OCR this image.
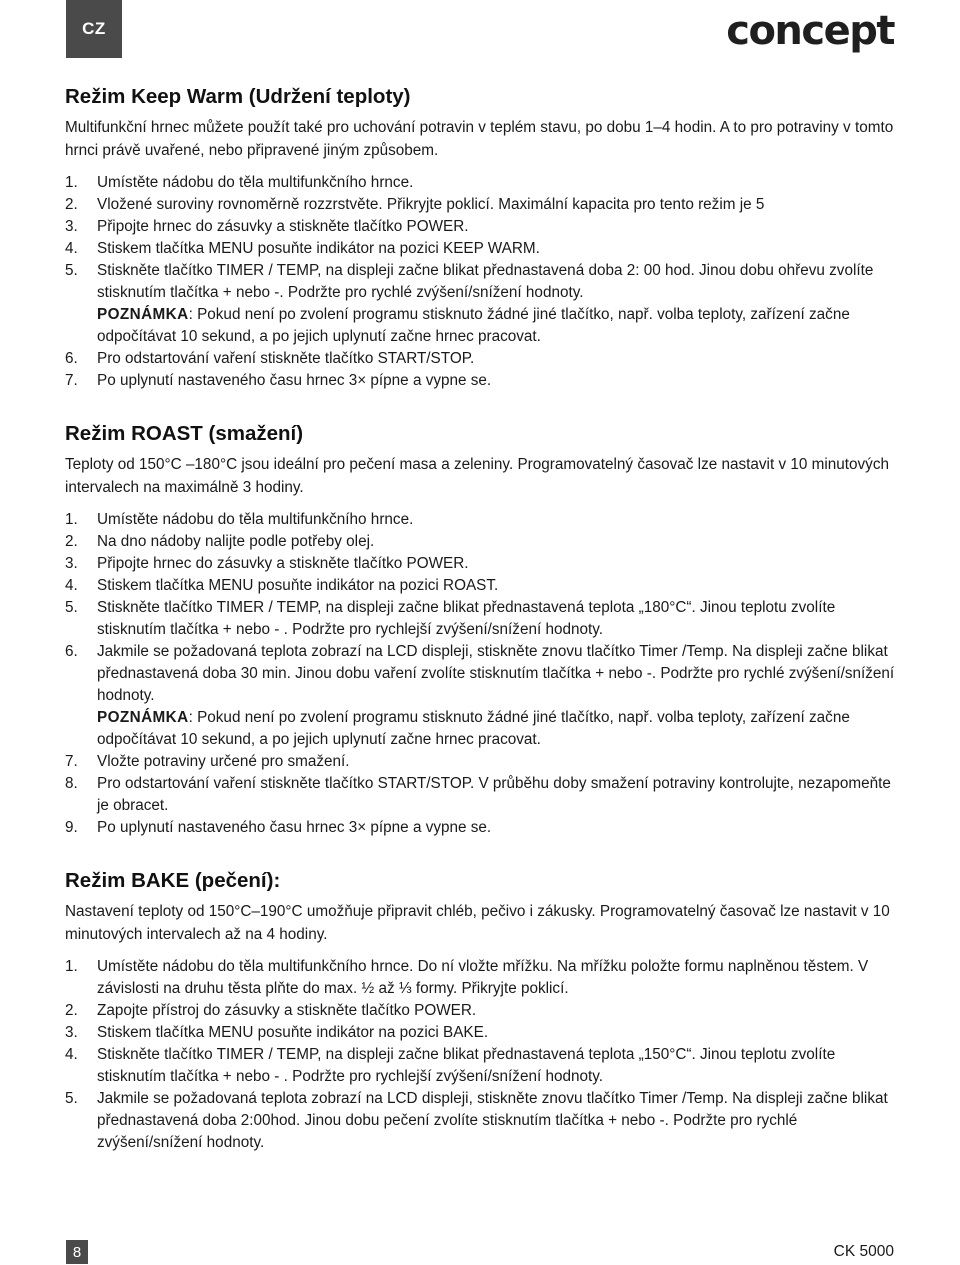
CZ	concept
Režim Keep Warm (Udržení teploty)

Multifunkční hrnec můžete použít také pro uchování potravin v teplém stavu, po dobu 1–4 hodin. A to pro potraviny v tomto hrnci právě uvařené, nebo připravené jiným způsobem.

1. Umístěte nádobu do těla multifunkčního hrnce.
2. Vložené suroviny rovnoměrně rozzrstvěte. Přikryjte poklicí. Maximální kapacita pro tento režim je 5
3. Připojte hrnec do zásuvky a stiskněte tlačítko POWER.
4. Stiskem tlačítka MENU posuňte indikátor na pozici KEEP WARM.
5. Stiskněte tlačítko TIMER / TEMP, na displeji začne blikat přednastavená doba 2: 00 hod. Jinou dobu ohřevu zvolíte stisknutím tlačítka + nebo -. Podržte pro rychlé zvýšení/snížení hodnoty.
POZNÁMKA: Pokud není po zvolení programu stisknuto žádné jiné tlačítko, např. volba teploty, zařízení začne odpočítávat 10 sekund, a po jejich uplynutí začne hrnec pracovat.
6. Pro odstartování vaření stiskněte tlačítko START/STOP.
7. Po uplynutí nastaveného času hrnec 3× pípne a vypne se.
Režim ROAST (smažení)

Teploty od 150°C –180°C jsou ideální pro pečení masa a zeleniny. Programovatelný časovač lze nastavit v 10 minutových intervalech na maximálně 3 hodiny.

1. Umístěte nádobu do těla multifunkčního hrnce.
2. Na dno nádoby nalijte podle potřeby olej.
3. Připojte hrnec do zásuvky a stiskněte tlačítko POWER.
4. Stiskem tlačítka MENU posuňte indikátor na pozici ROAST.
5. Stiskněte tlačítko TIMER / TEMP, na displeji začne blikat přednastavená teplota „180°C“. Jinou teplotu zvolíte stisknutím tlačítka + nebo - . Podržte pro rychlejší zvýšení/snížení hodnoty.
6. Jakmile se požadovaná teplota zobrazí na LCD displeji, stiskněte znovu tlačítko Timer /Temp. Na displeji začne blikat přednastavená doba 30 min. Jinou dobu vaření zvolíte stisknutím tlačítka + nebo -. Podržte pro rychlé zvýšení/snížení hodnoty.
POZNÁMKA: Pokud není po zvolení programu stisknuto žádné jiné tlačítko, např. volba teploty, zařízení začne odpočítávat 10 sekund, a po jejich uplynutí začne hrnec pracovat.
7. Vložte potraviny určené pro smažení.
8. Pro odstartování vaření stiskněte tlačítko START/STOP. V průběhu doby smažení potraviny kontrolujte, nezapomeňte je obracet.
9. Po uplynutí nastaveného času hrnec 3× pípne a vypne se.
Režim BAKE (pečení):

Nastavení teploty od 150°C–190°C umožňuje připravit chléb, pečivo i zákusky. Programovatelný časovač lze nastavit v 10 minutových intervalech až na 4 hodiny.

1. Umístěte nádobu do těla multifunkčního hrnce. Do ní vložte mřížku. Na mřížku položte formu naplněnou těstem. V závislosti na druhu těsta plňte do max. ½ až ⅓ formy. Přikryjte poklicí.
2. Zapojte přístroj do zásuvky a stiskněte tlačítko POWER.
3. Stiskem tlačítka MENU posuňte indikátor na pozici BAKE.
4. Stiskněte tlačítko TIMER / TEMP, na displeji začne blikat přednastavená teplota „150°C“. Jinou teplotu zvolíte stisknutím tlačítka + nebo - . Podržte pro rychlejší zvýšení/snížení hodnoty.
5. Jakmile se požadovaná teplota zobrazí na LCD displeji, stiskněte znovu tlačítko Timer /Temp. Na displeji začne blikat přednastavená doba 2:00hod. Jinou dobu pečení zvolíte stisknutím tlačítka + nebo -. Podržte pro rychlé zvýšení/snížení hodnoty.
8	CK 5000
